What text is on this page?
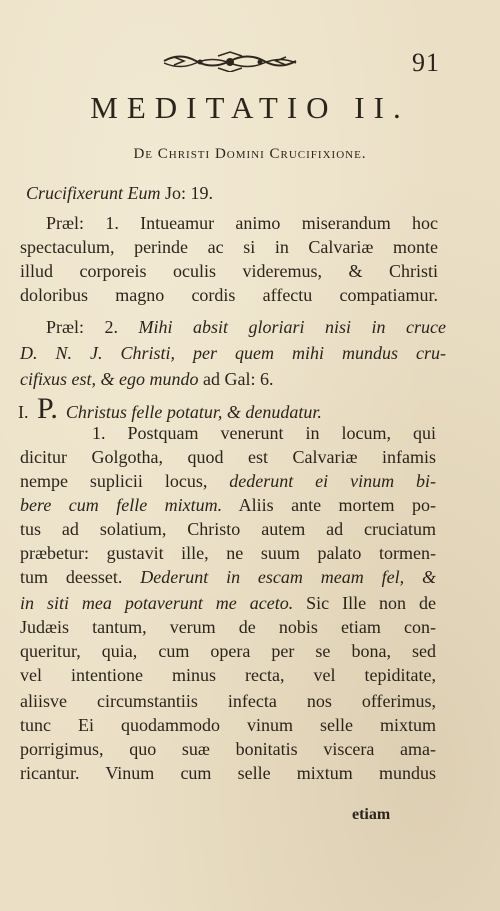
91
MEDITATIO II.
De Christi Domini Crucifixione.
Crucifixerunt Eum Jo: 19.
Præl: 1. Intueamur animo miserandum hoc
spectaculum, perinde ac si in Calvariæ monte
illud corporeis oculis videremus, & Christi
doloribus magno cordis affectu compatiamur.
Præl: 2. Mihi absit gloriari nisi in cruce
D. N. J. Christi, per quem mihi mundus cru-
cifixus est, & ego mundo ad Gal: 6.
I. P. Christus felle potatur, & denudatur.
1. Postquam venerunt in locum, qui
dicitur Golgotha, quod est Calvariæ infamis
nempe suplicii locus, dederunt ei vinum bi-
bere cum felle mixtum. Aliis ante mortem po-
tus ad solatium, Christo autem ad cruciatum
præbetur: gustavit ille, ne suum palato tormen-
tum deesset. Dederunt in escam meam fel, &
in siti mea potaverunt me aceto. Sic Ille non de
Judæis tantum, verum de nobis etiam con-
queritur, quia, cum opera per se bona, sed
vel intentione minus recta, vel tepiditate,
aliisve circumstantiis infecta nos offerimus,
tunc Ei quodammodo vinum selle mixtum
porrigimus, quo suæ bonitatis viscera ama-
ricantur. Vinum cum selle mixtum mundus
etiam
